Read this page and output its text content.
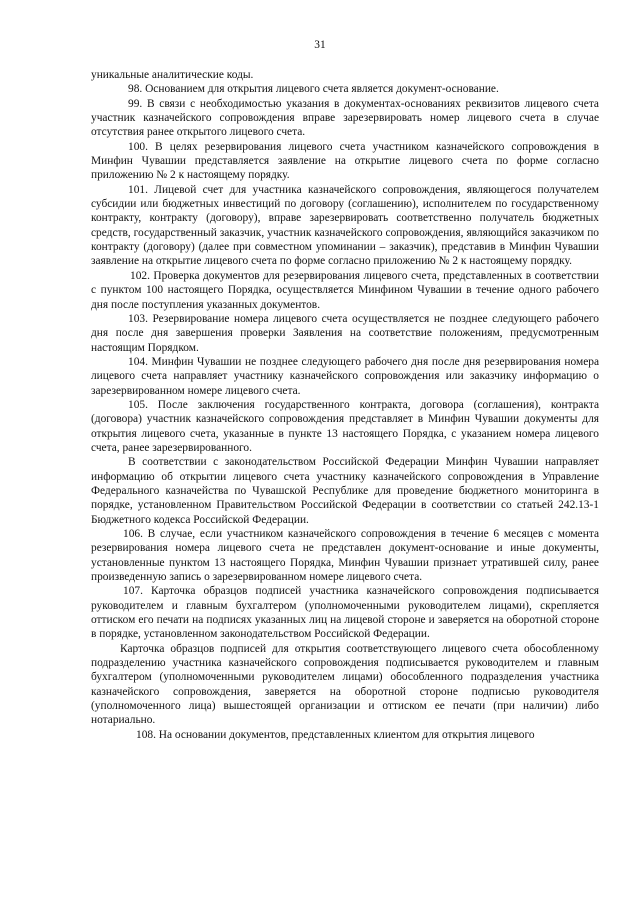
31

уникальные аналитические коды.

98. Основанием для открытия лицевого счета является документ-основание.

99. В связи с необходимостью указания в документах-основаниях реквизитов лицевого счета участник казначейского сопровождения вправе зарезервировать номер лицевого счета в случае отсутствия ранее открытого лицевого счета.

100. В целях резервирования лицевого счета участником казначейского сопровождения в Минфин Чувашии представляется заявление на открытие лицевого счета по форме согласно приложению № 2 к настоящему порядку.

101. Лицевой счет для участника казначейского сопровождения, являющегося получателем субсидии или бюджетных инвестиций по договору (соглашению), исполнителем по государственному контракту, контракту (договору), вправе зарезервировать соответственно получатель бюджетных средств, государственный заказчик, участник казначейского сопровождения, являющийся заказчиком по контракту (договору) (далее при совместном упоминании – заказчик), представив в Минфин Чувашии заявление на открытие лицевого счета по форме согласно приложению № 2 к настоящему порядку.

102. Проверка документов для резервирования лицевого счета, представленных в соответствии с пунктом 100 настоящего Порядка, осуществляется Минфином Чувашии в течение одного рабочего дня после поступления указанных документов.

103. Резервирование номера лицевого счета осуществляется не позднее следующего рабочего дня после дня завершения проверки Заявления на соответствие положениям, предусмотренным настоящим Порядком.

104. Минфин Чувашии не позднее следующего рабочего дня после дня резервирования номера лицевого счета направляет участнику казначейского сопровождения или заказчику информацию о зарезервированном номере лицевого счета.

105. После заключения государственного контракта, договора (соглашения), контракта (договора) участник казначейского сопровождения представляет в Минфин Чувашии документы для открытия лицевого счета, указанные в пункте 13 настоящего Порядка, с указанием номера лицевого счета, ранее зарезервированного.

В соответствии с законодательством Российской Федерации Минфин Чувашии направляет информацию об открытии лицевого счета участнику казначейского сопровождения в Управление Федерального казначейства по Чувашской Республике для проведение бюджетного мониторинга в порядке, установленном Правительством Российской Федерации в соответствии со статьей 242.13-1 Бюджетного кодекса Российской Федерации.

106. В случае, если участником казначейского сопровождения в течение 6 месяцев с момента резервирования номера лицевого счета не представлен документ-основание и иные документы, установленные пунктом 13 настоящего Порядка, Минфин Чувашии признает утратившей силу, ранее произведенную запись о зарезервированном номере лицевого счета.

107. Карточка образцов подписей участника казначейского сопровождения подписывается руководителем и главным бухгалтером (уполномоченными руководителем лицами), скрепляется оттиском его печати на подписях указанных лиц на лицевой стороне и заверяется на оборотной стороне в порядке, установленном законодательством Российской Федерации.

Карточка образцов подписей для открытия соответствующего лицевого счета обособленному подразделению участника казначейского сопровождения подписывается руководителем и главным бухгалтером (уполномоченными руководителем лицами) обособленного подразделения участника казначейского сопровождения, заверяется на оборотной стороне подписью руководителя (уполномоченного лица) вышестоящей организации и оттиском ее печати (при наличии) либо нотариально.

108. На основании документов, представленных клиентом для открытия лицевого
